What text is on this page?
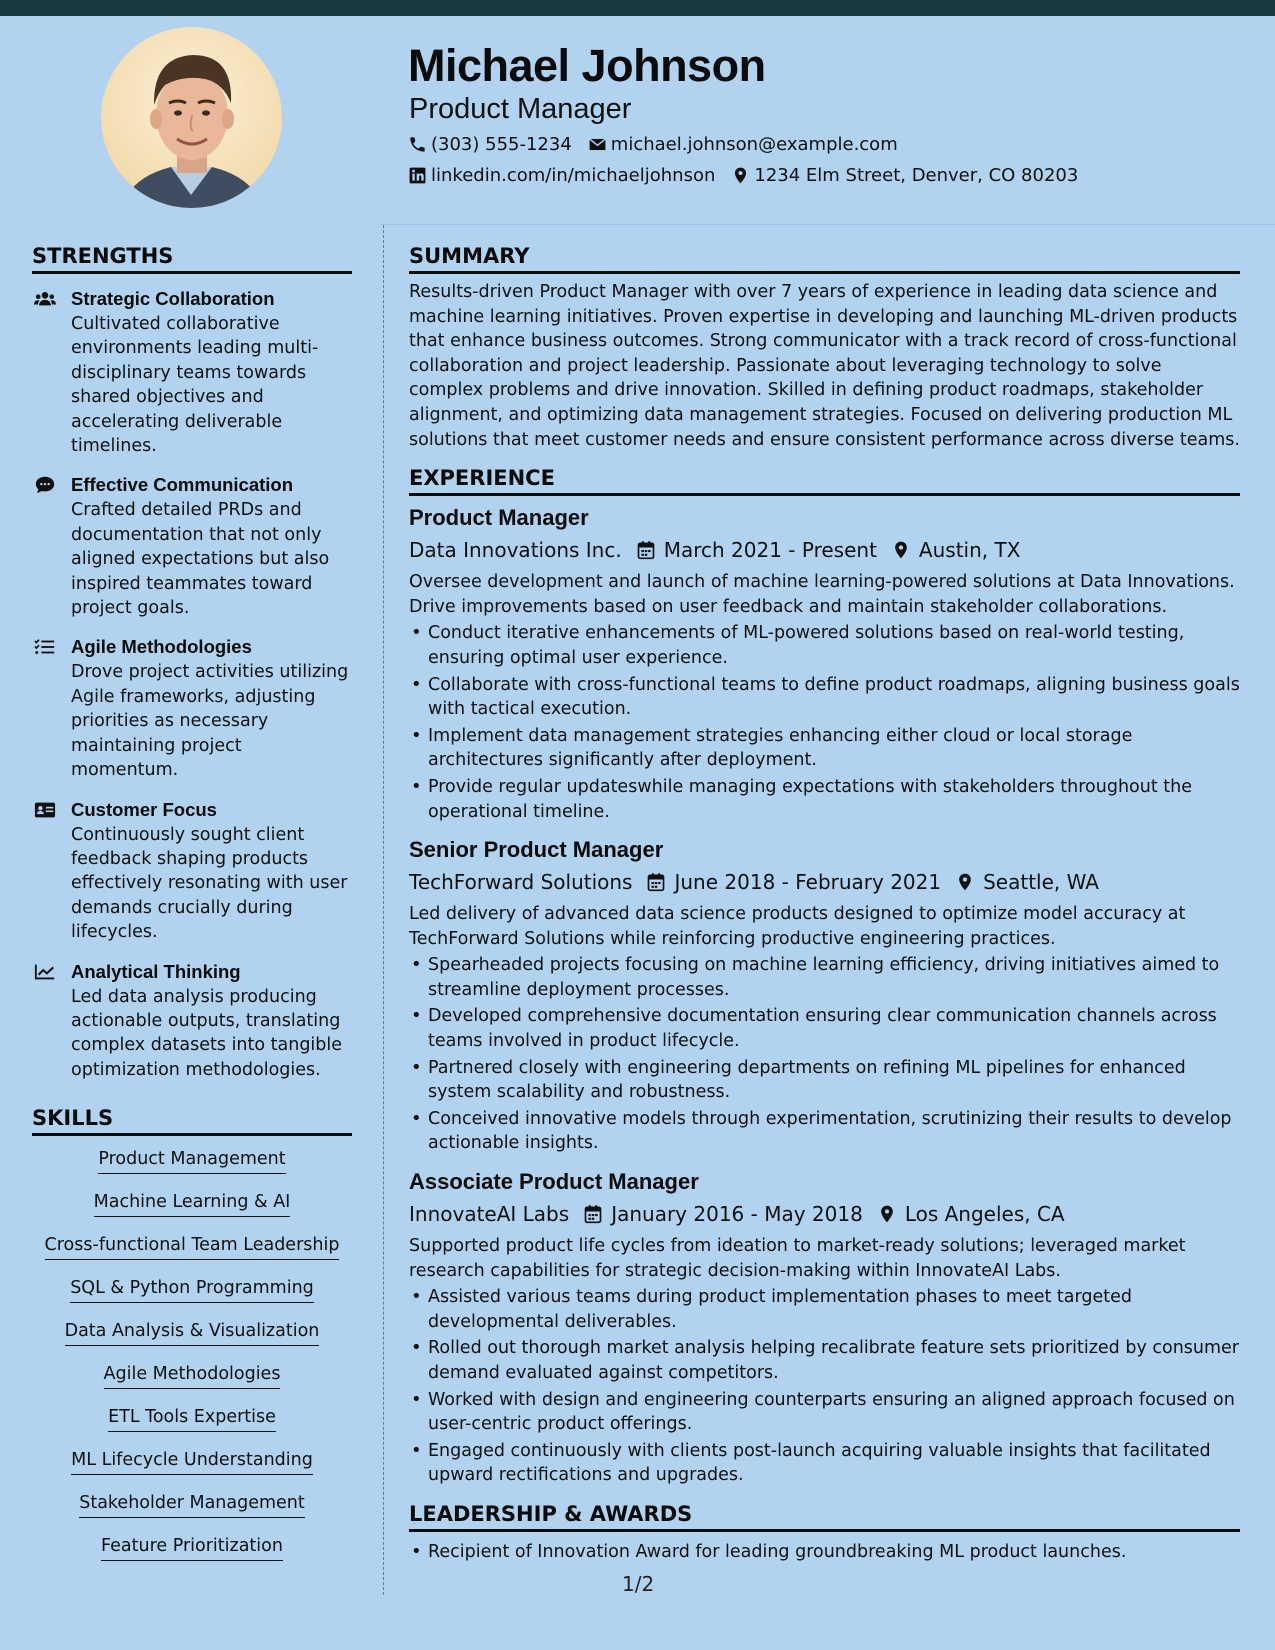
Michael Johnson
Product Manager
(303) 555-1234 michael.johnson@example.com
linkedin.com/in/michaeljohnson 1234 Elm Street, Denver, CO 80203
STRENGTHS
Strategic Collaboration
Cultivated collaborative environments leading multi-disciplinary teams towards shared objectives and accelerating deliverable timelines.
Effective Communication
Crafted detailed PRDs and documentation that not only aligned expectations but also inspired teammates toward project goals.
Agile Methodologies
Drove project activities utilizing Agile frameworks, adjusting priorities as necessary maintaining project momentum.
Customer Focus
Continuously sought client feedback shaping products effectively resonating with user demands crucially during lifecycles.
Analytical Thinking
Led data analysis producing actionable outputs, translating complex datasets into tangible optimization methodologies.
SKILLS
Product Management
Machine Learning & AI
Cross-functional Team Leadership
SQL & Python Programming
Data Analysis & Visualization
Agile Methodologies
ETL Tools Expertise
ML Lifecycle Understanding
Stakeholder Management
Feature Prioritization
SUMMARY
Results-driven Product Manager with over 7 years of experience in leading data science and machine learning initiatives. Proven expertise in developing and launching ML-driven products that enhance business outcomes. Strong communicator with a track record of cross-functional collaboration and project leadership. Passionate about leveraging technology to solve complex problems and drive innovation. Skilled in defining product roadmaps, stakeholder alignment, and optimizing data management strategies. Focused on delivering production ML solutions that meet customer needs and ensure consistent performance across diverse teams.
EXPERIENCE
Product Manager
Data Innovations Inc. March 2021 - Present Austin, TX
Oversee development and launch of machine learning-powered solutions at Data Innovations. Drive improvements based on user feedback and maintain stakeholder collaborations.
• Conduct iterative enhancements of ML-powered solutions based on real-world testing, ensuring optimal user experience.
• Collaborate with cross-functional teams to define product roadmaps, aligning business goals with tactical execution.
• Implement data management strategies enhancing either cloud or local storage architectures significantly after deployment.
• Provide regular updateswhile managing expectations with stakeholders throughout the operational timeline.
Senior Product Manager
TechForward Solutions June 2018 - February 2021 Seattle, WA
Led delivery of advanced data science products designed to optimize model accuracy at TechForward Solutions while reinforcing productive engineering practices.
• Spearheaded projects focusing on machine learning efficiency, driving initiatives aimed to streamline deployment processes.
• Developed comprehensive documentation ensuring clear communication channels across teams involved in product lifecycle.
• Partnered closely with engineering departments on refining ML pipelines for enhanced system scalability and robustness.
• Conceived innovative models through experimentation, scrutinizing their results to develop actionable insights.
Associate Product Manager
InnovateAI Labs January 2016 - May 2018 Los Angeles, CA
Supported product life cycles from ideation to market-ready solutions; leveraged market research capabilities for strategic decision-making within InnovateAI Labs.
• Assisted various teams during product implementation phases to meet targeted developmental deliverables.
• Rolled out thorough market analysis helping recalibrate feature sets prioritized by consumer demand evaluated against competitors.
• Worked with design and engineering counterparts ensuring an aligned approach focused on user-centric product offerings.
• Engaged continuously with clients post-launch acquiring valuable insights that facilitated upward rectifications and upgrades.
LEADERSHIP & AWARDS
• Recipient of Innovation Award for leading groundbreaking ML product launches.
1/2
